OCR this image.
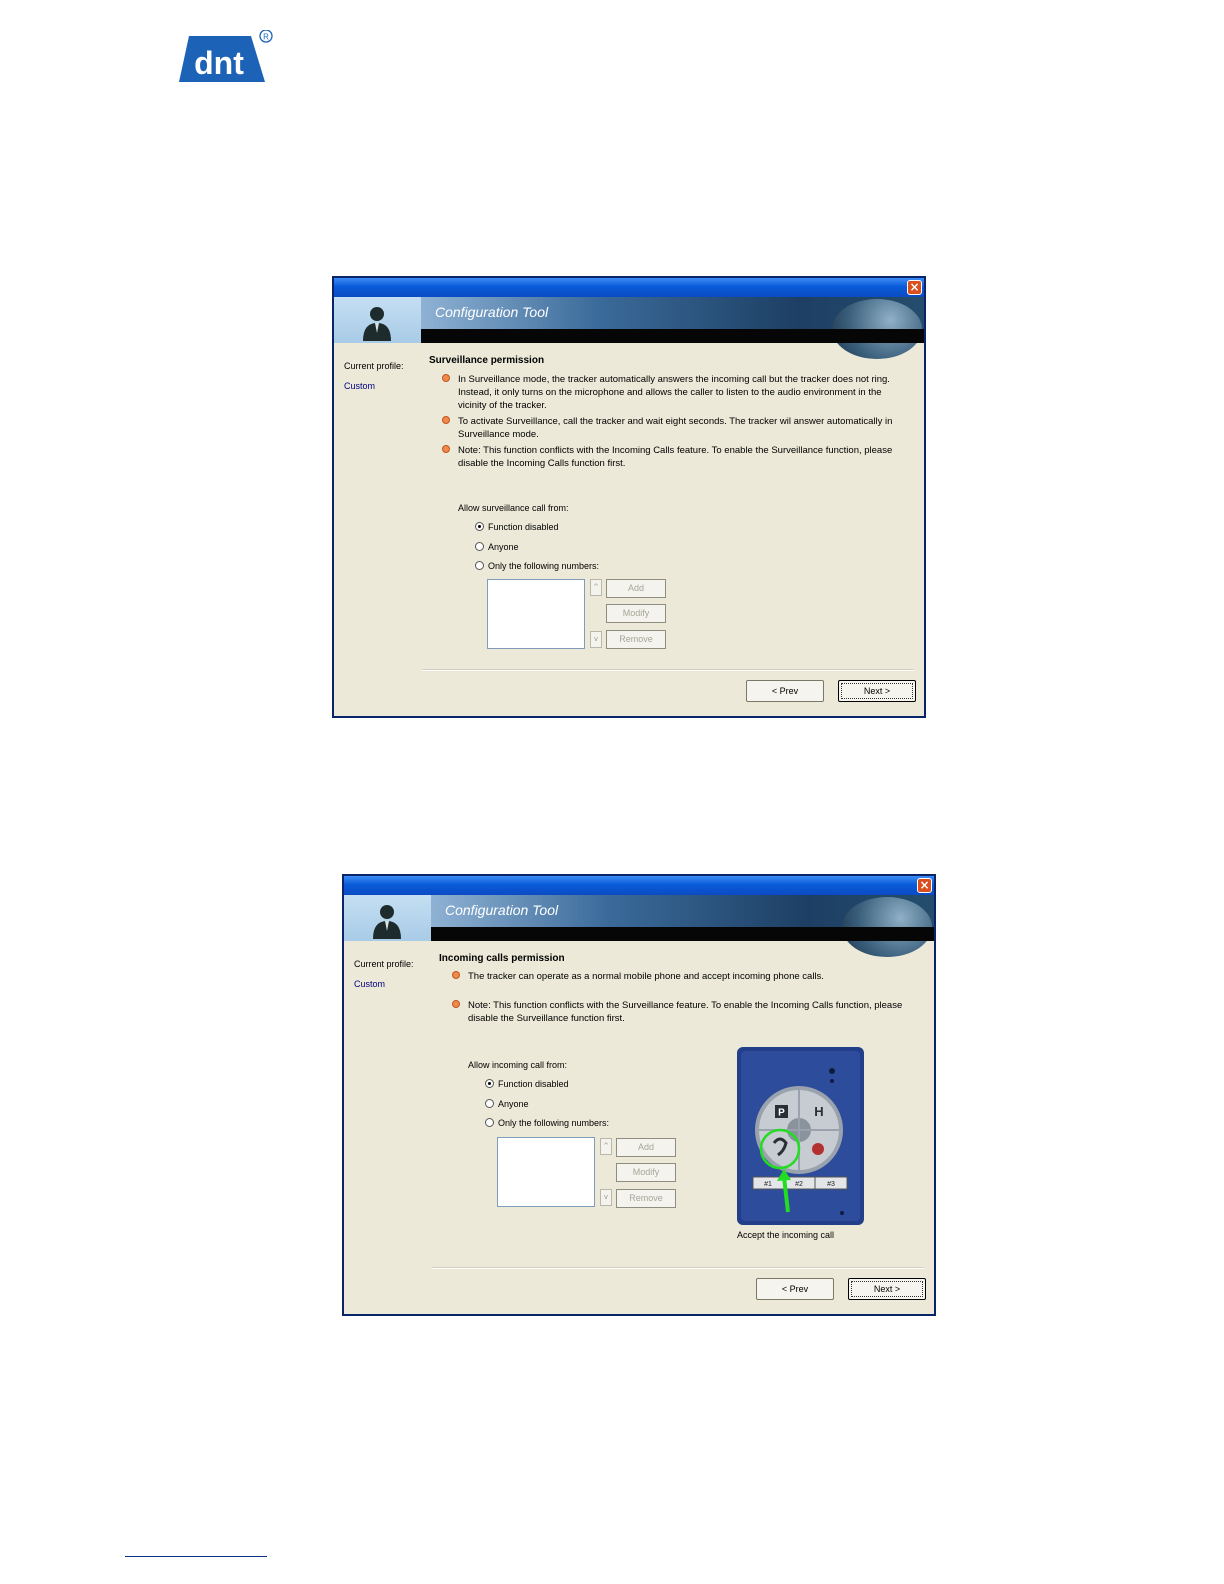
dnt
R
×
Configuration Tool
Current profile:
Custom
Surveillance permission
In Surveillance mode, the tracker automatically answers the incoming call but the tracker does not ring. Instead, it only turns on the microphone and allows the caller to listen to the audio environment in the vicinity of the tracker.
To activate Surveillance, call the tracker and wait eight seconds. The tracker wil answer automatically in Surveillance mode.
Note: This function conflicts with the Incoming Calls feature. To enable the Surveillance function, please disable the Incoming Calls function first.
Allow surveillance call from:
Function disabled
Anyone
Only the following numbers:
^
v
Add
Modify
Remove
< Prev	Next >
×
Configuration Tool
Current profile:
Custom
Incoming calls permission
The tracker can operate as a normal mobile phone and accept incoming phone calls.
Note: This function conflicts with the Surveillance feature. To enable the Incoming Calls function, please disable the Surveillance function first.
Allow incoming call from:
Function disabled
Anyone
Only the following numbers:
^
v
Add
Modify
Remove
P H
#1	#2	#3
Accept the incoming call
< Prev	Next >
